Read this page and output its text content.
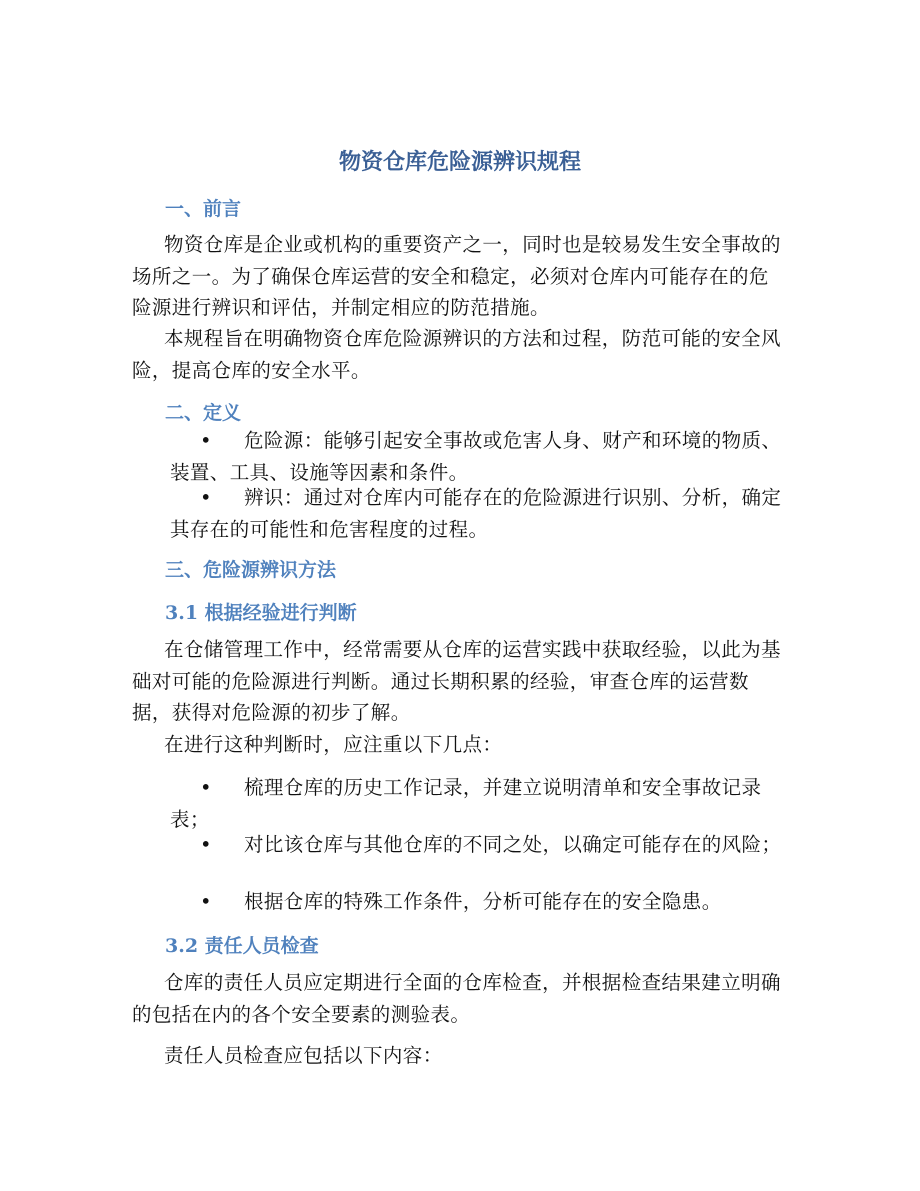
物资仓库危险源辨识规程
一、前言
物资仓库是企业或机构的重要资产之一，同时也是较易发生安全事故的场所之一。为了确保仓库运营的安全和稳定，必须对仓库内可能存在的危险源进行辨识和评估，并制定相应的防范措施。
本规程旨在明确物资仓库危险源辨识的方法和过程，防范可能的安全风险，提高仓库的安全水平。
二、定义
•	危险源：能够引起安全事故或危害人身、财产和环境的物质、装置、工具、设施等因素和条件。
•	辨识：通过对仓库内可能存在的危险源进行识别、分析，确定其存在的可能性和危害程度的过程。
三、危险源辨识方法
3.1 根据经验进行判断
在仓储管理工作中，经常需要从仓库的运营实践中获取经验，以此为基础对可能的危险源进行判断。通过长期积累的经验，审查仓库的运营数据，获得对危险源的初步了解。
在进行这种判断时，应注重以下几点：
•	梳理仓库的历史工作记录，并建立说明清单和安全事故记录表；
•	对比该仓库与其他仓库的不同之处，以确定可能存在的风险；
•	根据仓库的特殊工作条件，分析可能存在的安全隐患。
3.2 责任人员检查
仓库的责任人员应定期进行全面的仓库检查，并根据检查结果建立明确的包括在内的各个安全要素的测验表。
责任人员检查应包括以下内容：
